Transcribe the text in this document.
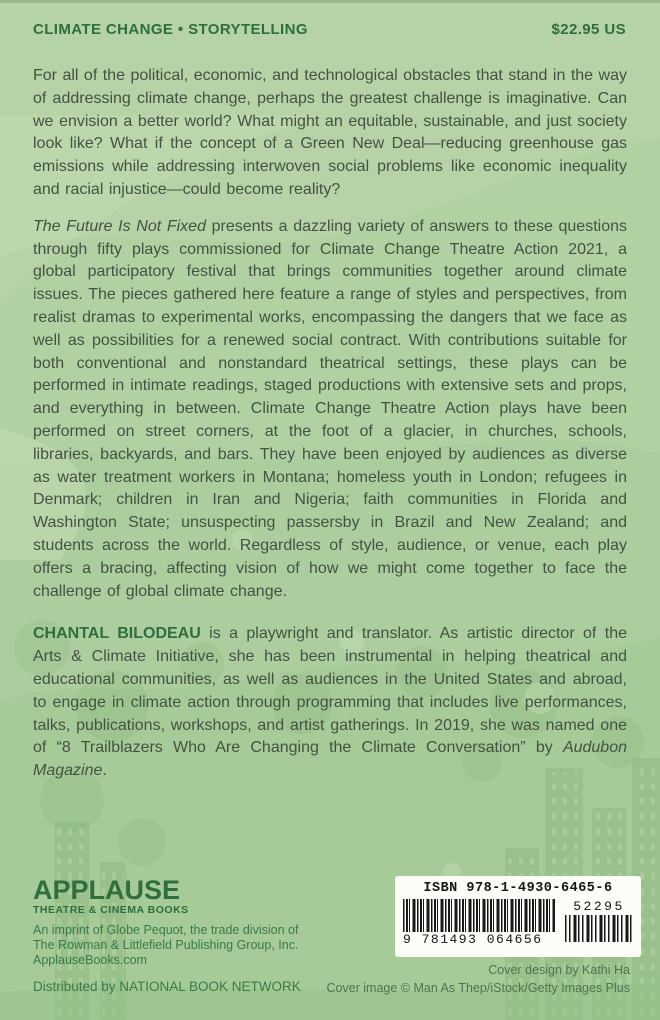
CLIMATE CHANGE • STORYTELLING	$22.95 US

For all of the political, economic, and technological obstacles that stand in the way of addressing climate change, perhaps the greatest challenge is imaginative. Can we envision a better world? What might an equitable, sustainable, and just society look like? What if the concept of a Green New Deal—reducing greenhouse gas emissions while addressing interwoven social problems like economic inequality and racial injustice—could become reality?

The Future Is Not Fixed presents a dazzling variety of answers to these questions through fifty plays commissioned for Climate Change Theatre Action 2021, a global participatory festival that brings communities together around climate issues. The pieces gathered here feature a range of styles and perspectives, from realist dramas to experimental works, encompassing the dangers that we face as well as possibilities for a renewed social contract. With contributions suitable for both conventional and nonstandard theatrical settings, these plays can be performed in intimate readings, staged productions with extensive sets and props, and everything in between. Climate Change Theatre Action plays have been performed on street corners, at the foot of a glacier, in churches, schools, libraries, backyards, and bars. They have been enjoyed by audiences as diverse as water treatment workers in Montana; homeless youth in London; refugees in Denmark; children in Iran and Nigeria; faith communities in Florida and Washington State; unsuspecting passersby in Brazil and New Zealand; and students across the world. Regardless of style, audience, or venue, each play offers a bracing, affecting vision of how we might come together to face the challenge of global climate change.

CHANTAL BILODEAU is a playwright and translator. As artistic director of the Arts & Climate Initiative, she has been instrumental in helping theatrical and educational communities, as well as audiences in the United States and abroad, to engage in climate action through programming that includes live performances, talks, publications, workshops, and artist gatherings. In 2019, she was named one of “8 Trailblazers Who Are Changing the Climate Conversation” by Audubon Magazine.

APPLAUSE
THEATRE & CINEMA BOOKS
An imprint of Globe Pequot, the trade division of
The Rowman & Littlefield Publishing Group, Inc.
ApplauseBooks.com
Distributed by NATIONAL BOOK NETWORK
ISBN 978-1-4930-6465-6
9 781493 064656
52295
Cover design by Kathi Ha
Cover image © Man As Thep/iStock/Getty Images Plus
